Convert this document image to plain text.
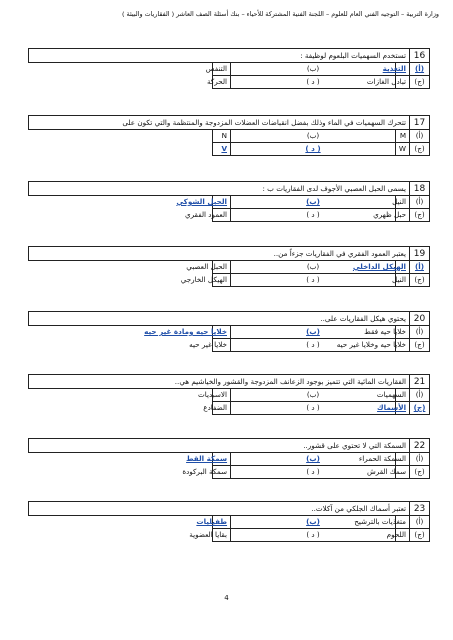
وزارة التربية – التوجيه الفني العام للعلوم – اللجنة الفنية المشتركة للأحياء – بنك أسئلة الصف العاشر ( الفقاريات والبيئة )
16	تستخدم السهميات البلعوم لوظيفة :		
(أ)	التغذية	(ب)	التنفس
(ج)	تبادل الغازات	( د )	الحركة
17	تتحرك السهميات في الماء وذلك بفضل انقباضات العضلات المزدوجة والمنتظمة والتي تكون على		
(أ)	M	(ب)	N
(ج)	W	( د )	V
18	يسمى الحبل العصبي الأجوف لدى الفقاريات ب :		
(أ)	النيل	(ب)	الحبل الشوكي
(ج)	حبل ظهري	( د )	العمود الفقري
19	يعتبر العمود الفقري في الفقاريات جزءاً من..		
(أ)	الهيكل الداخلي	(ب)	الحبل العصبي
(ج)	النيل	( د )	الهيكل الخارجي
20	يحتوي هيكل الفقاريات على..		
(أ)	خلايا حيه فقط	(ب)	خلايا حيه ومادة غير حيه
(ج)	خلايا حيه وخلايا غير حيه	( د )	خلايا غير حيه
21	الفقاريات المائية التي تتميز بوجود الزعانف المزدوجة والقشور والخياشيم هي..		
(أ)	السهميات	(ب)	الاسبديات
(ج)	الأسماك	( د )	الضفادع
22	السمكة التي لا تحتوي على قشور..		
(أ)	السمكة الحمراء	(ب)	سمكة القط
(ج)	سمك القرش	( د )	سمكة البركودة
23	تعتبر أسماك الجلكي من آكلات..		
(أ)	متغذيات بالترشيح	(ب)	طفيليات
(ج)	اللحوم	( د )	بقايا العضوية
4
